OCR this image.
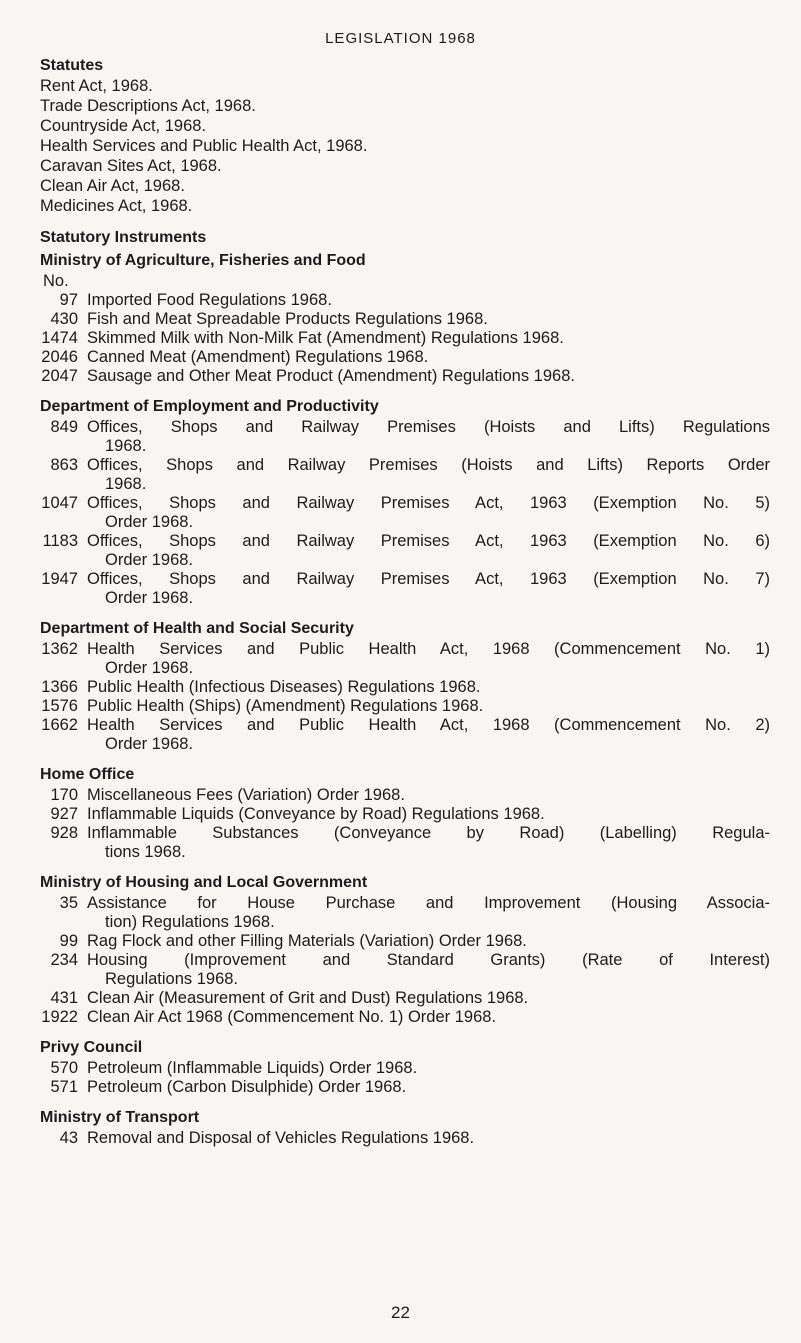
LEGISLATION 1968

Statutes

Rent Act, 1968.
Trade Descriptions Act, 1968.
Countryside Act, 1968.
Health Services and Public Health Act, 1968.
Caravan Sites Act, 1968.
Clean Air Act, 1968.
Medicines Act, 1968.

Statutory Instruments

Ministry of Agriculture, Fisheries and Food

No.
97 Imported Food Regulations 1968.
430 Fish and Meat Spreadable Products Regulations 1968.
1474 Skimmed Milk with Non-Milk Fat (Amendment) Regulations 1968.
2046 Canned Meat (Amendment) Regulations 1968.
2047 Sausage and Other Meat Product (Amendment) Regulations 1968.

Department of Employment and Productivity

849 Offices, Shops and Railway Premises (Hoists and Lifts) Regulations
1968.
863 Offices, Shops and Railway Premises (Hoists and Lifts) Reports Order
1968.
1047 Offices, Shops and Railway Premises Act, 1963 (Exemption No. 5)
Order 1968.
1183 Offices, Shops and Railway Premises Act, 1963 (Exemption No. 6)
Order 1968.
1947 Offices, Shops and Railway Premises Act, 1963 (Exemption No. 7)
Order 1968.

Department of Health and Social Security

1362 Health Services and Public Health Act, 1968 (Commencement No. 1)
Order 1968.
1366 Public Health (Infectious Diseases) Regulations 1968.
1576 Public Health (Ships) (Amendment) Regulations 1968.
1662 Health Services and Public Health Act, 1968 (Commencement No. 2)
Order 1968.

Home Office

170 Miscellaneous Fees (Variation) Order 1968.
927 Inflammable Liquids (Conveyance by Road) Regulations 1968.
928 Inflammable Substances (Conveyance by Road) (Labelling) Regula-
tions 1968.

Ministry of Housing and Local Government

35 Assistance for House Purchase and Improvement (Housing Associa-
tion) Regulations 1968.
99 Rag Flock and other Filling Materials (Variation) Order 1968.
234 Housing (Improvement and Standard Grants) (Rate of Interest)
Regulations 1968.
431 Clean Air (Measurement of Grit and Dust) Regulations 1968.
1922 Clean Air Act 1968 (Commencement No. 1) Order 1968.

Privy Council

570 Petroleum (Inflammable Liquids) Order 1968.
571 Petroleum (Carbon Disulphide) Order 1968.

Ministry of Transport

43 Removal and Disposal of Vehicles Regulations 1968.
22
